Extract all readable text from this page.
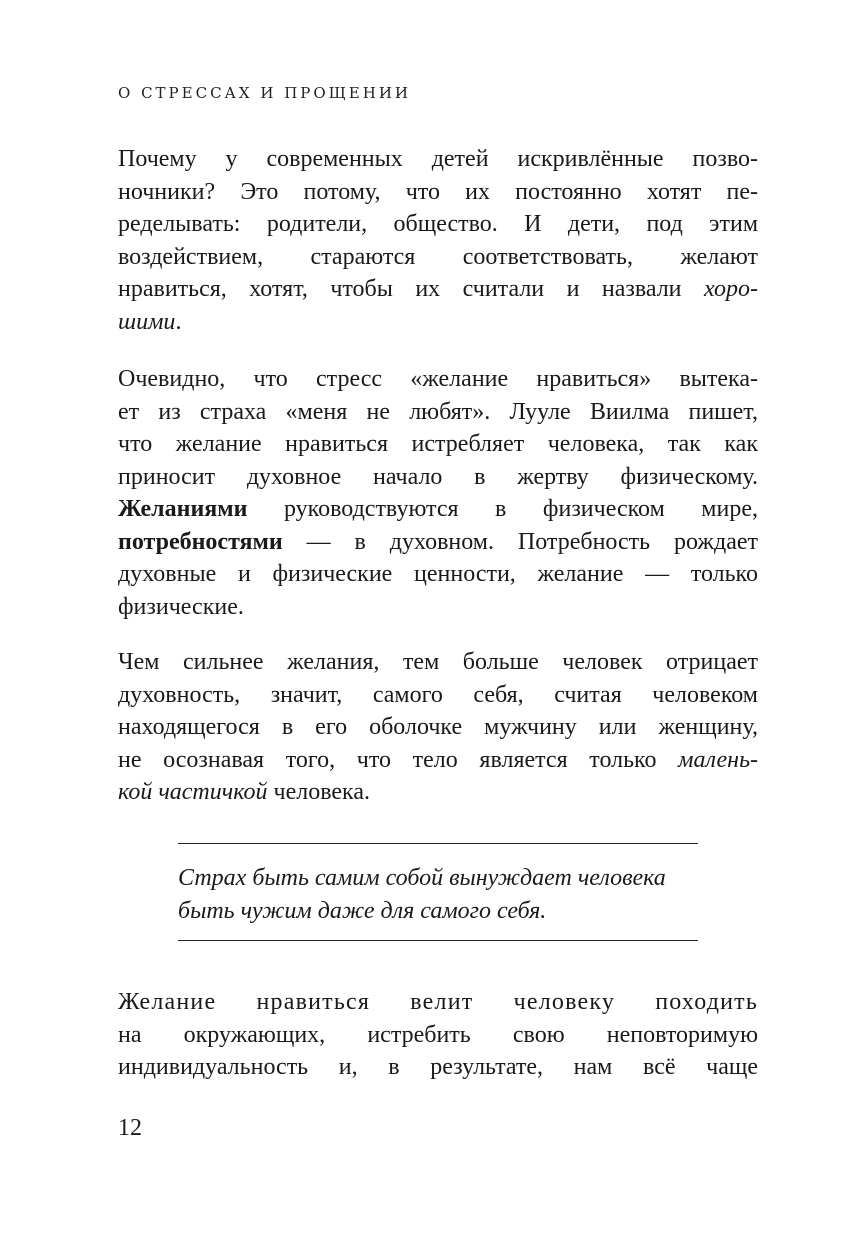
О СТРЕССАХ И ПРОЩЕНИИ
Почему у современных детей искривлённые позво-
ночники? Это потому, что их постоянно хотят пе-
ределывать: родители, общество. И дети, под этим
воздействием, стараются соответствовать, желают
нравиться, хотят, чтобы их считали и назвали хоро-
шими.
Очевидно, что стресс «желание нравиться» вытека-
ет из страха «меня не любят». Лууле Виилма пишет,
что желание нравиться истребляет человека, так как
приносит духовное начало в жертву физическому.
Желаниями руководствуются в физическом мире,
потребностями — в духовном. Потребность рождает
духовные и физические ценности, желание — только
физические.
Чем сильнее желания, тем больше человек отрицает
духовность, значит, самого себя, считая человеком
находящегося в его оболочке мужчину или женщину,
не осознавая того, что тело является только малень-
кой частичкой человека.
Страх быть самим собой вынуждает человека
быть чужим даже для самого себя.
Желание нравиться велит человеку походить
на окружающих, истребить свою неповторимую
индивидуальность и, в результате, нам всё чаще
12
